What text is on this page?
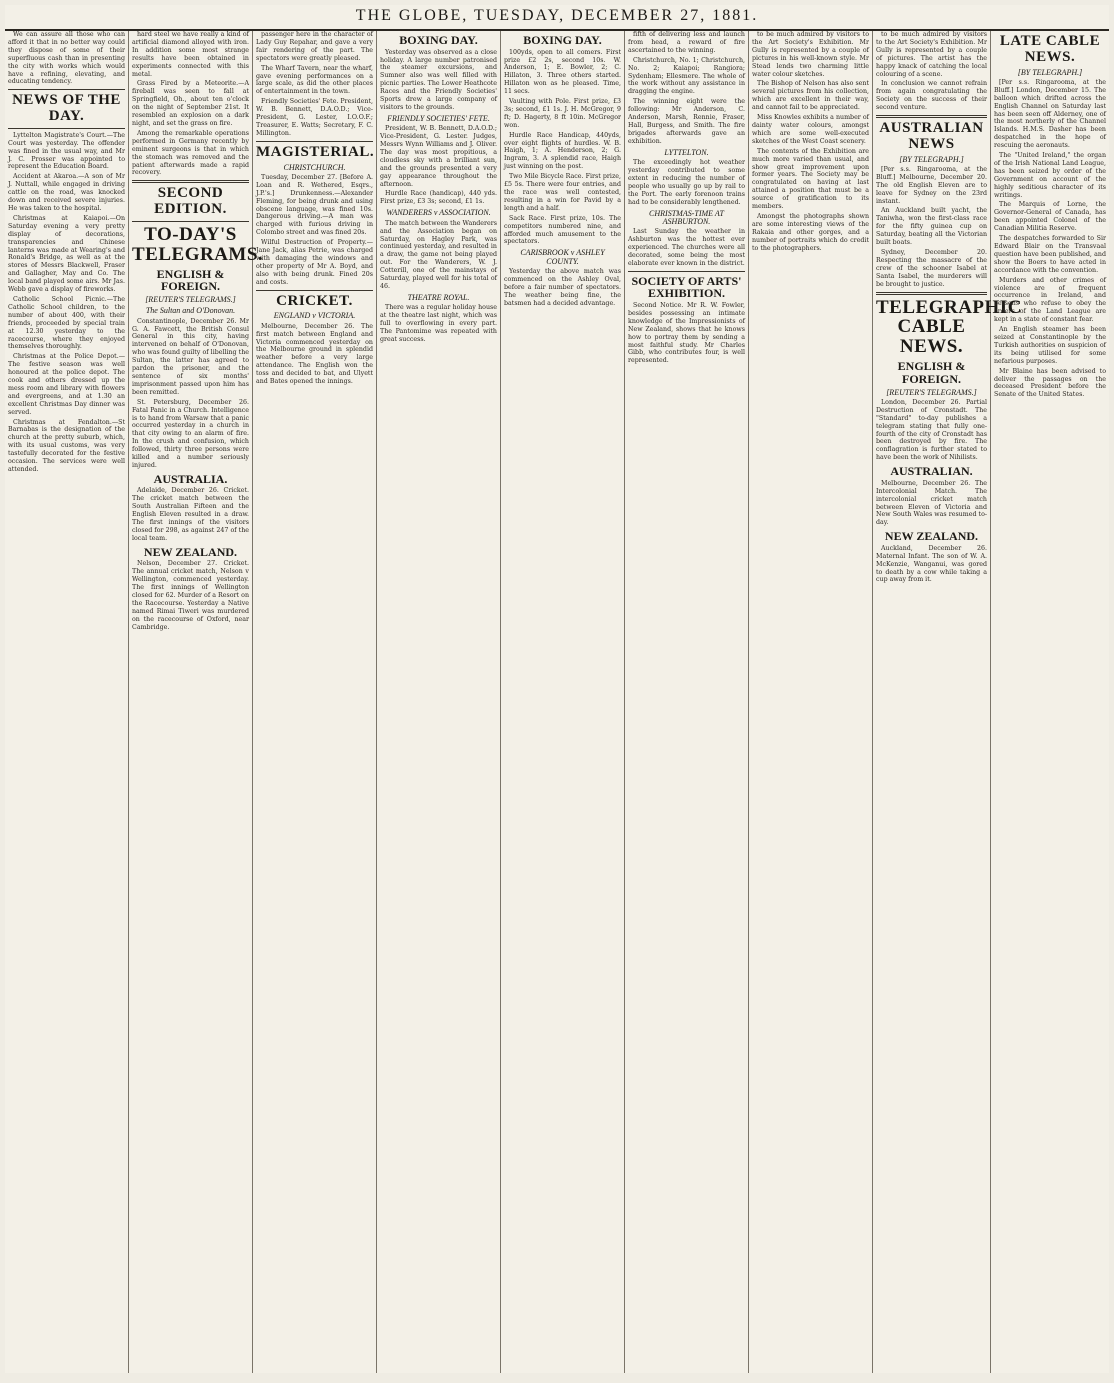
THE GLOBE, TUESDAY, DECEMBER 27, 1881.

We can assure all those who can afford it that in no better way could they dispose of some of their superfluous cash than in presenting the city with works which would have a refining, elevating, and educating tendency.

NEWS OF THE DAY.

Lyttelton Magistrate's Court.—The Court was yesterday. The offender was fined in the usual way, and Mr J. C. Prosser was appointed to represent the Education Board.

Accident at Akaroa.—A son of Mr J. Nuttall, while engaged in driving cattle on the road, was knocked down and received severe injuries. He was taken to the hospital.

Christmas at Kaiapoi.—On Saturday evening a very pretty display of decorations, transparencies and Chinese lanterns was made at Wearing's and Ronald's Bridge, as well as at the stores of Messrs Blackwell, Fraser and Gallagher, May and Co. The local band played some airs. Mr Jas. Webb gave a display of fireworks.

Catholic School Picnic.—The Catholic School children, to the number of about 400, with their friends, proceeded by special train at 12.30 yesterday to the racecourse, where they enjoyed themselves thoroughly.

Christmas at the Police Depot.—The festive season was well honoured at the police depot. The cook and others dressed up the mess room and library with flowers and evergreens, and at 1.30 an excellent Christmas Day dinner was served.

Christmas at Fendalton.—St Barnabas is the designation of the church at the pretty suburb, which, with its usual customs, was very tastefully decorated for the festive occasion. The services were well attended.

hard steel we have really a kind of artificial diamond alloyed with iron. In addition some most strange results have been obtained in experiments connected with this metal.

Grass Fired by a Meteorite.—A fireball was seen to fall at Springfield, Oh., about ten o'clock on the night of September 21st. It resembled an explosion on a dark night, and set the grass on fire.

Among the remarkable operations performed in Germany recently by eminent surgeons is that in which the stomach was removed and the patient afterwards made a rapid recovery.

SECOND EDITION.
TO-DAY'S TELEGRAMS.
ENGLISH & FOREIGN.
[REUTER'S TELEGRAMS.]
The Sultan and O'Donovan.

Constantinople, December 26. Mr G. A. Fawcett, the British Consul General in this city, having intervened on behalf of O'Donovan, who was found guilty of libelling the Sultan, the latter has agreed to pardon the prisoner, and the sentence of six months' imprisonment passed upon him has been remitted.

St. Petersburg, December 26. Fatal Panic in a Church. Intelligence is to hand from Warsaw that a panic occurred yesterday in a church in that city owing to an alarm of fire. In the crush and confusion, which followed, thirty three persons were killed and a number seriously injured.

AUSTRALIA.

Adelaide, December 26. Cricket. The cricket match between the South Australian Fifteen and the English Eleven resulted in a draw. The first innings of the visitors closed for 298, as against 247 of the local team.

NEW ZEALAND.

Nelson, December 27. Cricket. The annual cricket match, Nelson v Wellington, commenced yesterday. The first innings of Wellington closed for 62. Murder of a Resort on the Racecourse. Yesterday a Native named Rimai Tiweri was murdered on the racecourse of Oxford, near Cambridge.

passenger here in the character of Lady Guy Repahar, and gave a very fair rendering of the part. The spectators were greatly pleased.

The Wharf Tavern, near the wharf, gave evening performances on a large scale, as did the other places of entertainment in the town.

Friendly Societies' Fete. President, W. B. Bennett, D.A.O.D.; Vice-President, G. Lester, I.O.O.F.; Treasurer, E. Watts; Secretary, F. C. Millington.

MAGISTERIAL.
CHRISTCHURCH.

Tuesday, December 27. [Before A. Loan and R. Wethered, Esqrs., J.P.'s.] Drunkenness.—Alexander Fleming, for being drunk and using obscene language, was fined 10s. Dangerous driving.—A man was charged with furious driving in Colombo street and was fined 20s.

Wilful Destruction of Property.—Jane Jack, alias Petrie, was charged with damaging the windows and other property of Mr A. Boyd, and also with being drunk. Fined 20s and costs.

CRICKET.
ENGLAND v VICTORIA.

Melbourne, December 26. The first match between England and Victoria commenced yesterday on the Melbourne ground in splendid weather before a very large attendance. The English won the toss and decided to bat, and Ulyett and Bates opened the innings.

BOXING DAY.

Yesterday was observed as a close holiday. A large number patronised the steamer excursions, and Sumner also was well filled with picnic parties. The Lower Heathcote Races and the Friendly Societies' Sports drew a large company of visitors to the grounds.

FRIENDLY SOCIETIES' FETE.

President, W. B. Bennett, D.A.O.D.; Vice-President, G. Lester. Judges, Messrs Wynn Williams and J. Oliver. The day was most propitious, a cloudless sky with a brilliant sun, and the grounds presented a very gay appearance throughout the afternoon.

Hurdle Race (handicap), 440 yds. First prize, £3 3s; second, £1 1s.

WANDERERS v ASSOCIATION.

The match between the Wanderers and the Association began on Saturday, on Hagley Park, was continued yesterday, and resulted in a draw, the game not being played out. For the Wanderers, W. J. Cotterill, one of the mainstays of Saturday, played well for his total of 46.

THEATRE ROYAL.

There was a regular holiday house at the theatre last night, which was full to overflowing in every part. The Pantomime was repeated with great success.

BOXING DAY.

100yds, open to all comers. First prize £2 2s, second 10s. W. Anderson, 1; E. Bowler, 2; C. Hillaton, 3. Three others started. Hillaton won as he pleased. Time, 11 secs.

Vaulting with Pole. First prize, £3 3s; second, £1 1s. J. H. McGregor, 9 ft; D. Hagerty, 8 ft 10in. McGregor won.

Hurdle Race Handicap, 440yds, over eight flights of hurdles. W. B. Haigh, 1; A. Henderson, 2; G. Ingram, 3. A splendid race, Haigh just winning on the post.

Two Mile Bicycle Race. First prize, £5 5s. There were four entries, and the race was well contested, resulting in a win for Pavid by a length and a half.

Sack Race. First prize, 10s. The competitors numbered nine, and afforded much amusement to the spectators.

CARISBROOK v ASHLEY COUNTY.

Yesterday the above match was commenced on the Ashley Oval, before a fair number of spectators. The weather being fine, the batsmen had a decided advantage.

fifth of delivering less and launch from head, a reward of fire ascertained to the winning.

Christchurch, No. 1; Christchurch, No. 2; Kaiapoi; Rangiora; Sydenham; Ellesmere. The whole of the work without any assistance in dragging the engine.

The winning eight were the following: Mr Anderson, C. Anderson, Marsh, Rennie, Fraser, Hall, Burgess, and Smith. The fire brigades afterwards gave an exhibition.

LYTTELTON.

The exceedingly hot weather yesterday contributed to some extent in reducing the number of people who usually go up by rail to the Port. The early forenoon trains had to be considerably lengthened.

CHRISTMAS-TIME AT ASHBURTON.

Last Sunday the weather in Ashburton was the hottest ever experienced. The churches were all decorated, some being the most elaborate ever known in the district.

SOCIETY OF ARTS' EXHIBITION.

Second Notice. Mr R. W. Fowler, besides possessing an intimate knowledge of the Impressionists of New Zealand, shows that he knows how to portray them by sending a most faithful study. Mr Charles Gibb, who contributes four, is well represented.

to be much admired by visitors to the Art Society's Exhibition. Mr Gully is represented by a couple of pictures in his well-known style. Mr Stead lends two charming little water colour sketches.

The Bishop of Nelson has also sent several pictures from his collection, which are excellent in their way, and cannot fail to be appreciated.

Miss Knowles exhibits a number of dainty water colours, amongst which are some well-executed sketches of the West Coast scenery.

The contents of the Exhibition are much more varied than usual, and show great improvement upon former years. The Society may be congratulated on having at last attained a position that must be a source of gratification to its members.

Amongst the photographs shown are some interesting views of the Rakaia and other gorges, and a number of portraits which do credit to the photographers.

to be much admired by visitors to the Art Society's Exhibition. Mr Gully is represented by a couple of pictures. The artist has the happy knack of catching the local colouring of a scene.

In conclusion we cannot refrain from again congratulating the Society on the success of their second venture.

AUSTRALIAN NEWS
[BY TELEGRAPH.]

[Per s.s. Ringarooma, at the Bluff.] Melbourne, December 20. The old English Eleven are to leave for Sydney on the 23rd instant.

An Auckland built yacht, the Taniwha, won the first-class race for the fifty guinea cup on Saturday, beating all the Victorian built boats.

Sydney, December 20. Respecting the massacre of the crew of the schooner Isabel at Santa Isabel, the murderers will be brought to justice.

TELEGRAPHIC CABLE NEWS.
ENGLISH & FOREIGN.
[REUTER'S TELEGRAMS.]

London, December 26. Partial Destruction of Cronstadt. The "Standard" to-day publishes a telegram stating that fully one-fourth of the city of Cronstadt has been destroyed by fire. The conflagration is further stated to have been the work of Nihilists.

AUSTRALIAN.

Melbourne, December 26. The Intercolonial Match. The intercolonial cricket match between Eleven of Victoria and New South Wales was resumed to-day.

NEW ZEALAND.

Auckland, December 26. Maternal Infant. The son of W. A. McKenzie, Wanganui, was gored to death by a cow while taking a cup away from it.

LATE CABLE NEWS.
[BY TELEGRAPH.]

[Per s.s. Ringarooma, at the Bluff.] London, December 15. The balloon which drifted across the English Channel on Saturday last has been seen off Alderney, one of the most northerly of the Channel Islands. H.M.S. Dasher has been despatched in the hope of rescuing the aeronauts.

The "United Ireland," the organ of the Irish National Land League, has been seized by order of the Government on account of the highly seditious character of its writings.

The Marquis of Lorne, the Governor-General of Canada, has been appointed Colonel of the Canadian Militia Reserve.

The despatches forwarded to Sir Edward Blair on the Transvaal question have been published, and show the Boers to have acted in accordance with the convention.

Murders and other crimes of violence are of frequent occurrence in Ireland, and persons who refuse to obey the orders of the Land League are kept in a state of constant fear.

An English steamer has been seized at Constantinople by the Turkish authorities on suspicion of its being utilised for some nefarious purposes.

Mr Blaine has been advised to deliver the passages on the deceased President before the Senate of the United States.
